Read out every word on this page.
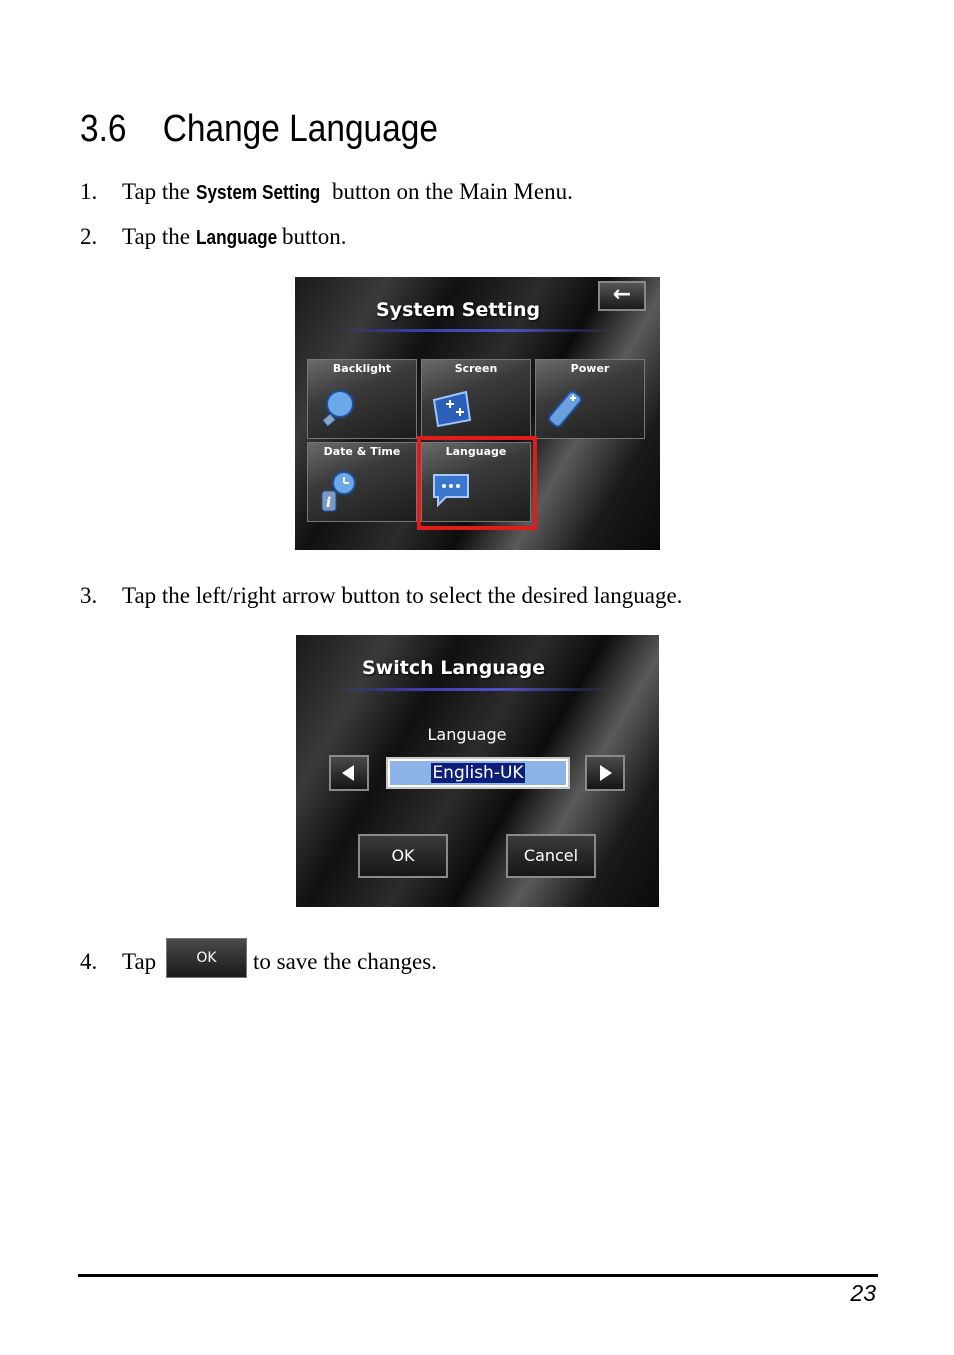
3.6 Change Language
1. Tap the System Setting button on the Main Menu.
2. Tap the Language button.
System Setting
←
Backlight	Screen	Power
Date & Time
i
Language
3. Tap the left/right arrow button to select the desired language.
Switch Language
Language
English-UK
OK	Cancel
4. Tap	OK	to save the changes.
23
